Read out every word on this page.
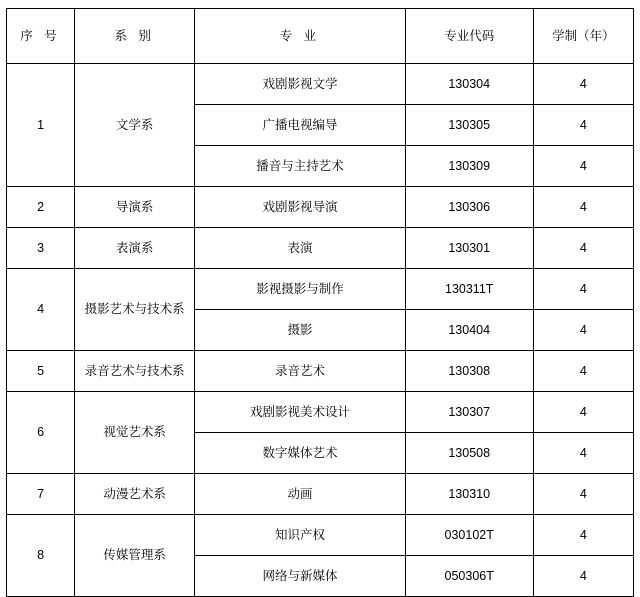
序 号	系 别	专 业	专业代码	学制（年）
1	文学系	戏剧影视文学	130304	4
		广播电视编导	130305	4
		播音与主持艺术	130309	4
2	导演系	戏剧影视导演	130306	4
3	表演系	表演	130301	4
4	摄影艺术与技术系	影视摄影与制作	130311T	4
		摄影	130404	4
5	录音艺术与技术系	录音艺术	130308	4
6	视觉艺术系	戏剧影视美术设计	130307	4
		数字媒体艺术	130508	4
7	动漫艺术系	动画	130310	4
8	传媒管理系	知识产权	030102T	4
		网络与新媒体	050306T	4
